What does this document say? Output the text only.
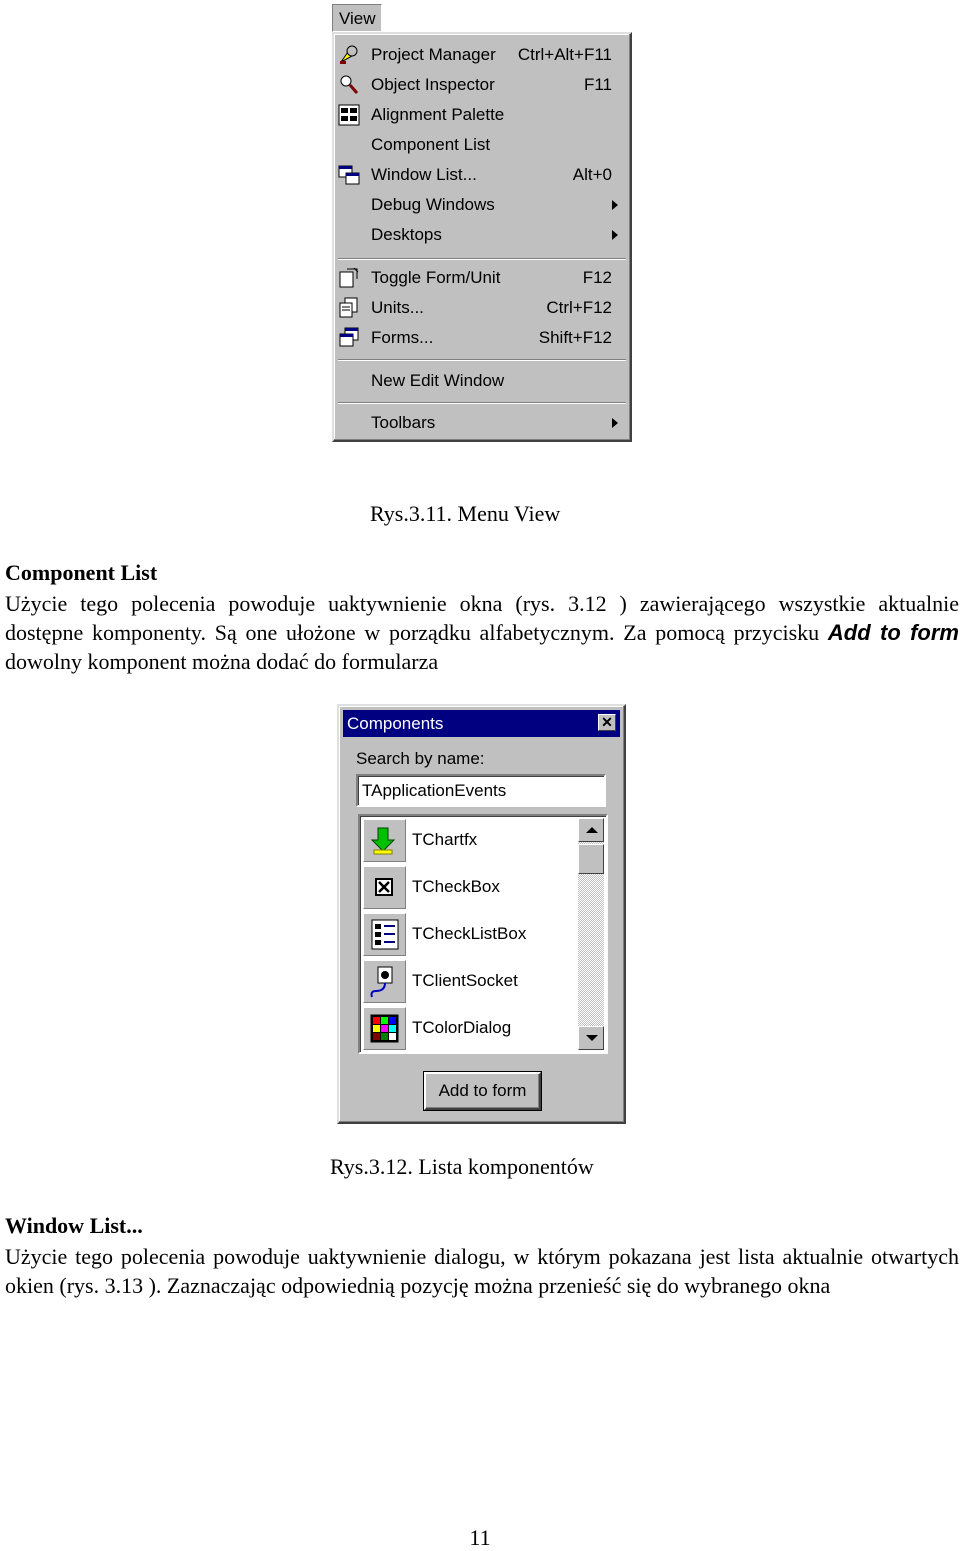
View
Project Manager Ctrl+Alt+F11
Object Inspector	F11
Alignment Palette
Component List
Window List...	Alt+0
Debug Windows
Desktops
Toggle Form/Unit	F12
Units...	Ctrl+F12
Forms...	Shift+F12
New Edit Window
Toolbars
Rys.3.11. Menu View
Component List
Użycie tego polecenia powoduje uaktywnienie okna (rys. 3.12 ) zawierającego wszystkie aktualnie dostępne komponenty. Są one ułożone w porządku alfabetycznym. Za pomocą przycisku Add to form dowolny komponent można dodać do formularza
Components	✕
Search by name:
TApplicationEvents
TChartfx
TCheckBox
TCheckListBox
TClientSocket
TColorDialog
Add to form
Rys.3.12. Lista komponentów
Window List...
Użycie tego polecenia powoduje uaktywnienie dialogu, w którym pokazana jest lista aktualnie otwartych okien (rys. 3.13 ). Zaznaczając odpowiednią pozycję można przenieść się do wybranego okna
11
